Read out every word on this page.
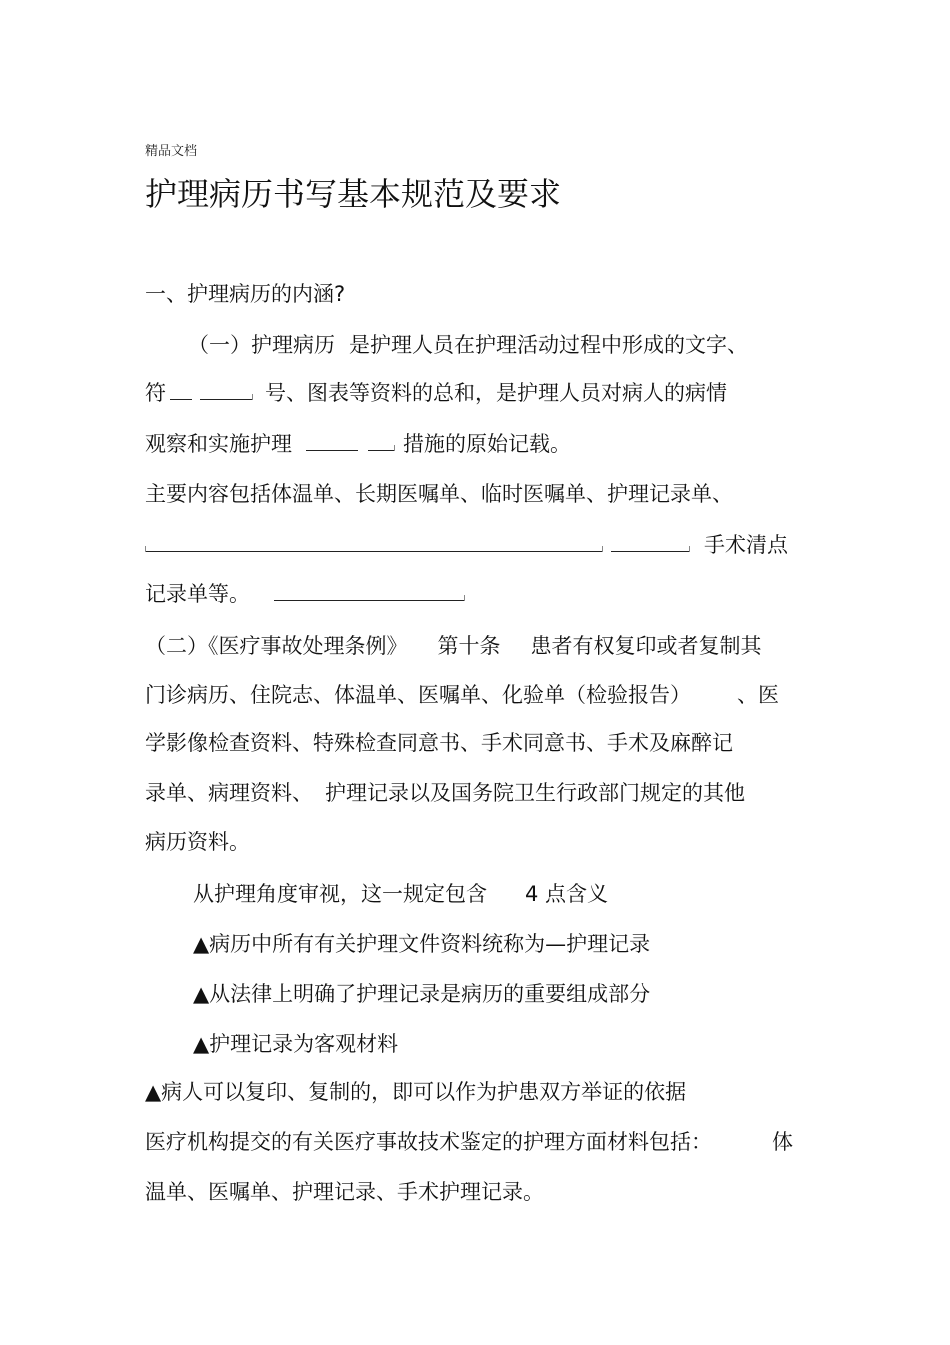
精品文档
护理病历书写基本规范及要求
一、护理病历的内涵?
（一）护理病历 是护理人员在护理活动过程中形成的文字、
符	号、图表等资料的总和，是护理人员对病人的病情
观察和实施护理	措施的原始记载。
主要内容包括体温单、长期医嘱单、临时医嘱单、护理记录单、
手术清点
记录单等。
（二）《医疗事故处理条例》 第十条 患者有权复印或者复制其
门诊病历、住院志、体温单、医嘱单、化验单（检验报告） 、医
学影像检查资料、特殊检查同意书、手术同意书、手术及麻醉记
录单、病理资料、 护理记录以及国务院卫生行政部门规定的其他
病历资料。
从护理角度审视，这一规定包含 4 点含义
▲病历中所有有关护理文件资料统称为—护理记录
▲从法律上明确了护理记录是病历的重要组成部分
▲护理记录为客观材料
▲病人可以复印、复制的，即可以作为护患双方举证的依据
医疗机构提交的有关医疗事故技术鉴定的护理方面材料包括：	体
温单、医嘱单、护理记录、手术护理记录。
